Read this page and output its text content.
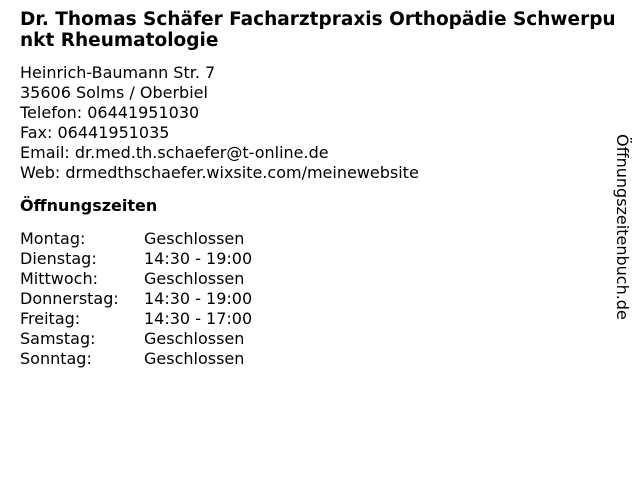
Dr. Thomas Schäfer Facharztpraxis Orthopädie Schwerpunkt Rheumatologie
Heinrich-Baumann Str. 7
35606 Solms / Oberbiel
Telefon: 06441951030
Fax: 06441951035
Email: dr.med.th.schaefer@t-online.de
Web: drmedthschaefer.wixsite.com/meinewebsite
Öffnungszeiten
Montag:	Geschlossen
Dienstag:	14:30 - 19:00
Mittwoch:	Geschlossen
Donnerstag:	14:30 - 19:00
Freitag:	14:30 - 17:00
Samstag:	Geschlossen
Sonntag:	Geschlossen
Öffnungszeitenbuch.de
